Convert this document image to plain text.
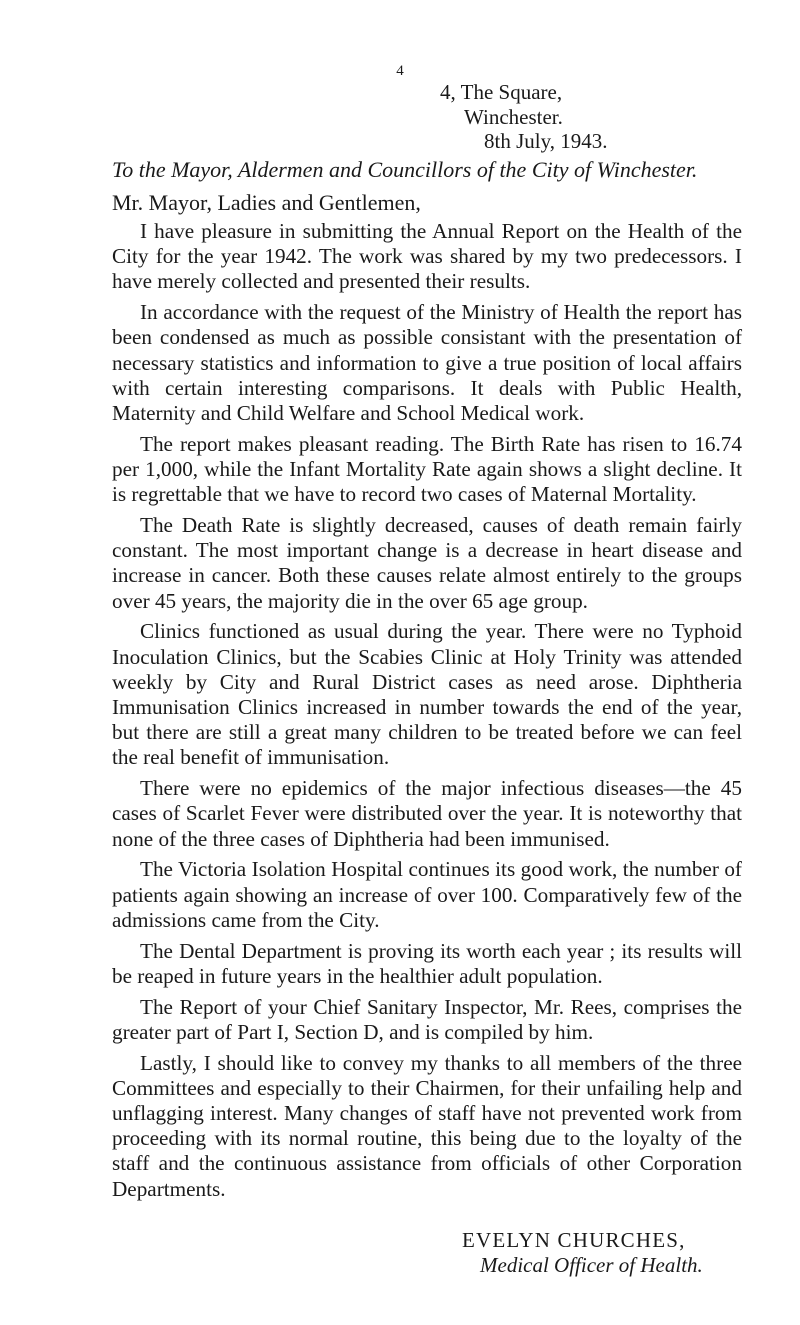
4
4, The Square,
Winchester.
8th July, 1943.
To the Mayor, Aldermen and Councillors of the City of Winchester.
Mr. Mayor, Ladies and Gentlemen,

I have pleasure in submitting the Annual Report on the Health of the City for the year 1942. The work was shared by my two predecessors. I have merely collected and presented their results.

In accordance with the request of the Ministry of Health the report has been condensed as much as possible consistant with the presentation of necessary statistics and information to give a true position of local affairs with certain interesting comparisons. It deals with Public Health, Maternity and Child Welfare and School Medical work.

The report makes pleasant reading. The Birth Rate has risen to 16.74 per 1,000, while the Infant Mortality Rate again shows a slight decline. It is regrettable that we have to record two cases of Maternal Mortality.

The Death Rate is slightly decreased, causes of death remain fairly constant. The most important change is a decrease in heart disease and increase in cancer. Both these causes relate almost entirely to the groups over 45 years, the majority die in the over 65 age group.

Clinics functioned as usual during the year. There were no Typhoid Inoculation Clinics, but the Scabies Clinic at Holy Trinity was attended weekly by City and Rural District cases as need arose. Diphtheria Immunisation Clinics increased in number towards the end of the year, but there are still a great many children to be treated before we can feel the real benefit of immunisation.

There were no epidemics of the major infectious diseases—the 45 cases of Scarlet Fever were distributed over the year. It is noteworthy that none of the three cases of Diphtheria had been immunised.

The Victoria Isolation Hospital continues its good work, the number of patients again showing an increase of over 100. Comparatively few of the admissions came from the City.

The Dental Department is proving its worth each year ; its results will be reaped in future years in the healthier adult population.

The Report of your Chief Sanitary Inspector, Mr. Rees, comprises the greater part of Part I, Section D, and is compiled by him.

Lastly, I should like to convey my thanks to all members of the three Committees and especially to their Chairmen, for their unfailing help and unflagging interest. Many changes of staff have not prevented work from proceeding with its normal routine, this being due to the loyalty of the staff and the continuous assistance from officials of other Corporation Departments.

EVELYN CHURCHES,
Medical Officer of Health.
